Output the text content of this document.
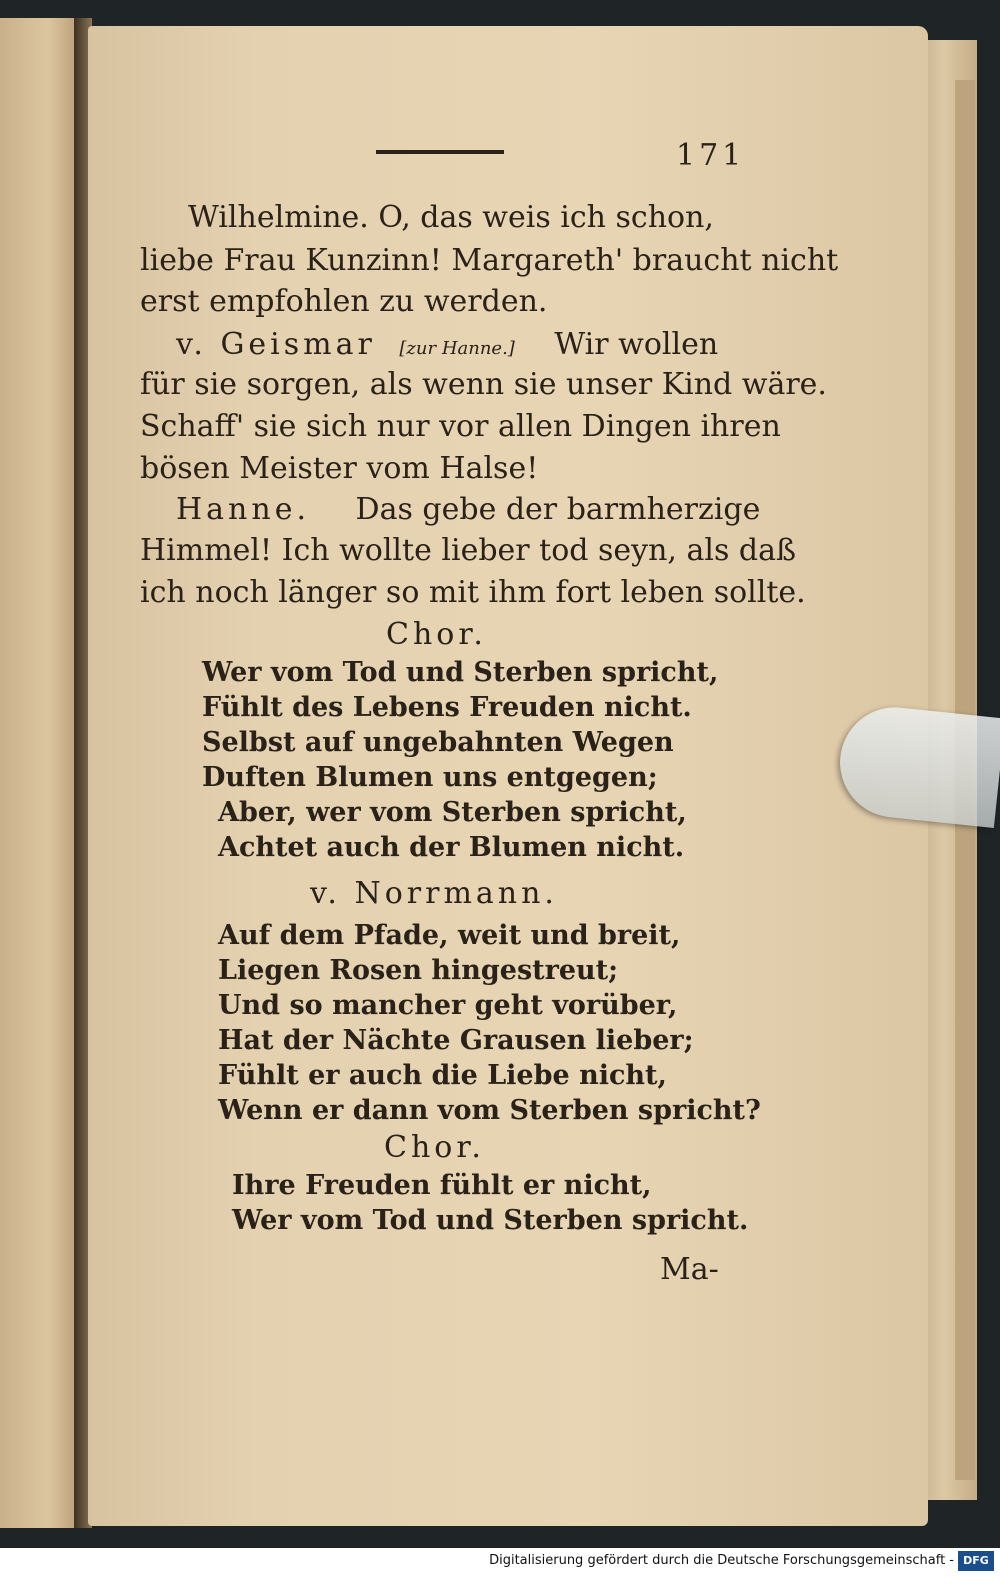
171
Wilhelmine. O, das weis ich schon,
liebe Frau Kunzinn! Margareth' braucht nicht
erst empfohlen zu werden.
v. Geismar [zur Hanne.] Wir wollen
für sie sorgen, als wenn sie unser Kind wäre.
Schaff' sie sich nur vor allen Dingen ihren
bösen Meister vom Halse!
Hanne. Das gebe der barmherzige
Himmel! Ich wollte lieber tod seyn, als daß
ich noch länger so mit ihm fort leben sollte.
Chor.
Wer vom Tod und Sterben spricht,
Fühlt des Lebens Freuden nicht.
Selbst auf ungebahnten Wegen
Duften Blumen uns entgegen;
Aber, wer vom Sterben spricht,
Achtet auch der Blumen nicht.
v. Norrmann.
Auf dem Pfade, weit und breit,
Liegen Rosen hingestreut;
Und so mancher geht vorüber,
Hat der Nächte Grausen lieber;
Fühlt er auch die Liebe nicht,
Wenn er dann vom Sterben spricht?
Chor.
Ihre Freuden fühlt er nicht,
Wer vom Tod und Sterben spricht.
Ma-
Digitalisierung gefördert durch die Deutsche Forschungsgemeinschaft - DFG
